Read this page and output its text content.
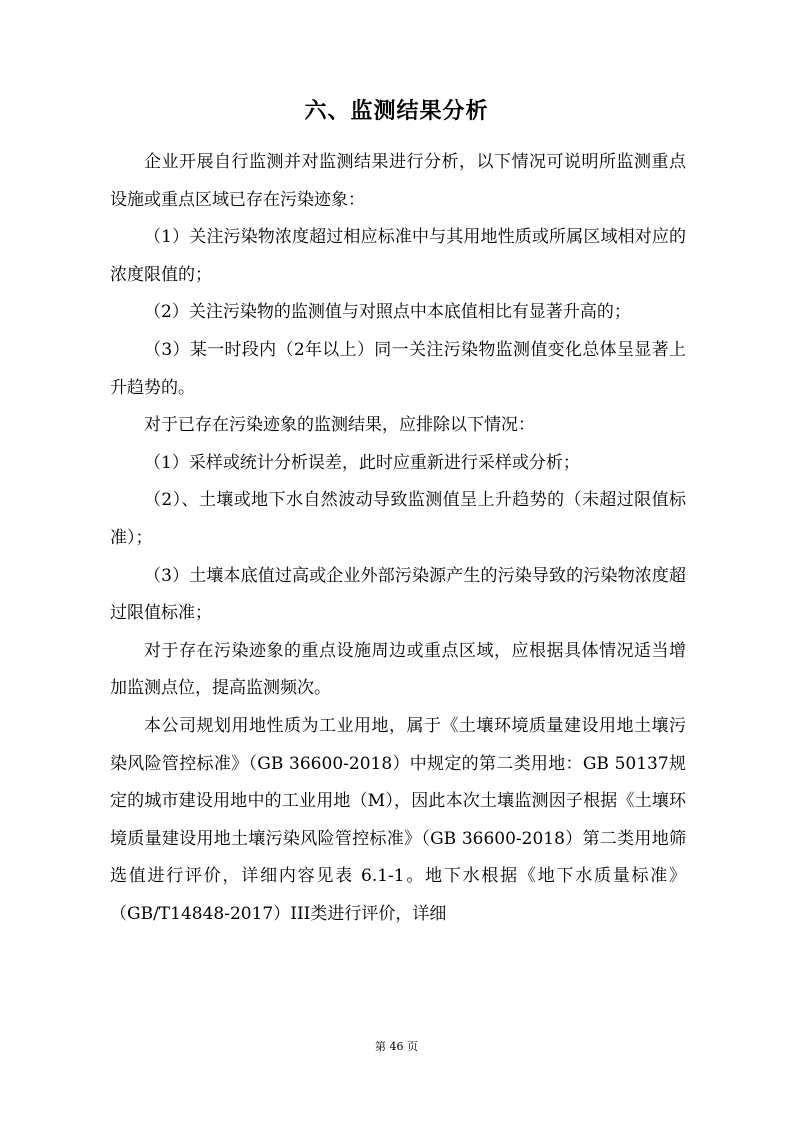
六、监测结果分析

企业开展自行监测并对监测结果进行分析，以下情况可说明所监测重点设施或重点区域已存在污染迹象：

（1）关注污染物浓度超过相应标准中与其用地性质或所属区域相对应的浓度限值的；

（2）关注污染物的监测值与对照点中本底值相比有显著升高的；

（3）某一时段内（2年以上）同一关注污染物监测值变化总体呈显著上升趋势的。

对于已存在污染迹象的监测结果，应排除以下情况：

（1）采样或统计分析误差，此时应重新进行采样或分析；

（2）、土壤或地下水自然波动导致监测值呈上升趋势的（未超过限值标准）；

（3）土壤本底值过高或企业外部污染源产生的污染导致的污染物浓度超过限值标准；

对于存在污染迹象的重点设施周边或重点区域，应根据具体情况适当增加监测点位，提高监测频次。

本公司规划用地性质为工业用地，属于《土壤环境质量建设用地土壤污染风险管控标准》（GB 36600-2018）中规定的第二类用地：GB 50137规定的城市建设用地中的工业用地（M），因此本次土壤监测因子根据《土壤环境质量建设用地土壤污染风险管控标准》（GB 36600-2018）第二类用地筛选值进行评价，详细内容见表 6.1-1。地下水根据《地下水质量标准》（GB/T14848-2017）III类进行评价，详细

第 46 页
